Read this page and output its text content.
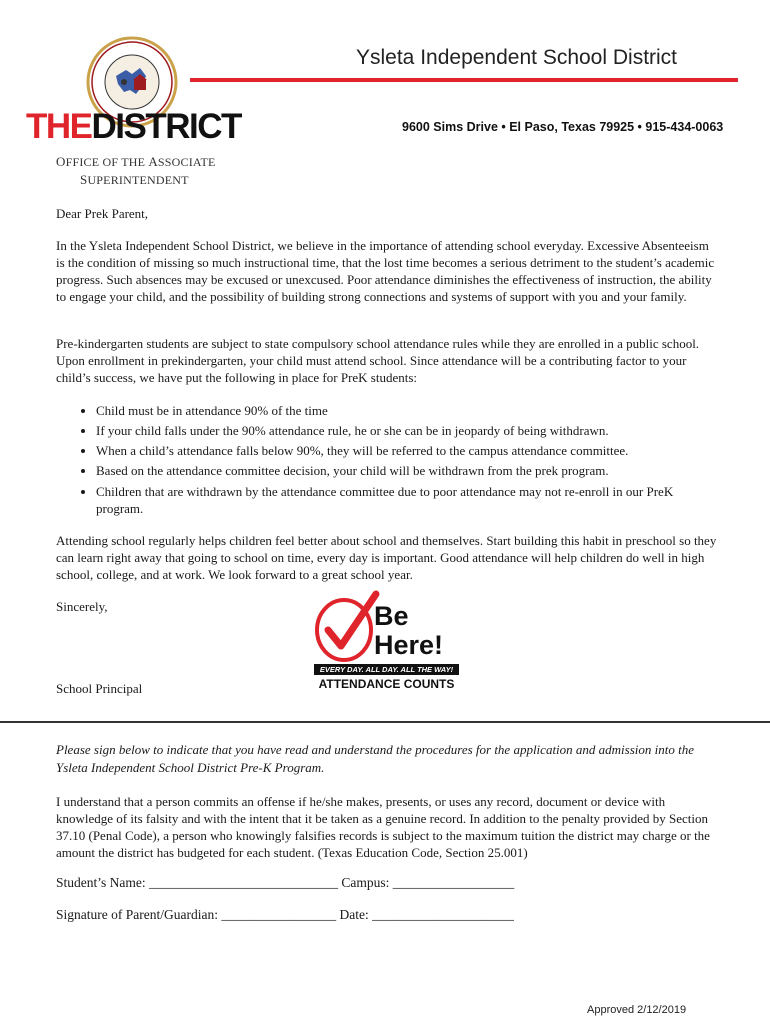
Ysleta Independent School District
THEDISTRICT	9600 Sims Drive • El Paso, Texas 79925 • 915-434-0063
OFFICE OF THE ASSOCIATE
SUPERINTENDENT
Dear Prek Parent,
In the Ysleta Independent School District, we believe in the importance of attending school everyday. Excessive Absenteeism is the condition of missing so much instructional time, that the lost time becomes a serious detriment to the student’s academic progress. Such absences may be excused or unexcused. Poor attendance diminishes the effectiveness of instruction, the ability to engage your child, and the possibility of building strong connections and systems of support with you and your family.
Pre-kindergarten students are subject to state compulsory school attendance rules while they are enrolled in a public school. Upon enrollment in prekindergarten, your child must attend school. Since attendance will be a contributing factor to your child’s success, we have put the following in place for PreK students:
• Child must be in attendance 90% of the time
• If your child falls under the 90% attendance rule, he or she can be in jeopardy of being withdrawn.
• When a child’s attendance falls below 90%, they will be referred to the campus attendance committee.
• Based on the attendance committee decision, your child will be withdrawn from the prek program.
• Children that are withdrawn by the attendance committee due to poor attendance may not re-enroll in our PreK program.
Attending school regularly helps children feel better about school and themselves. Start building this habit in preschool so they can learn right away that going to school on time, every day is important. Good attendance will help children do well in high school, college, and at work. We look forward to a great school year.
Sincerely,
School Principal
Be
Here!
EVERY DAY. ALL DAY. ALL THE WAY!
ATTENDANCE COUNTS
Please sign below to indicate that you have read and understand the procedures for the application and admission into the Ysleta Independent School District Pre-K Program.
I understand that a person commits an offense if he/she makes, presents, or uses any record, document or device with knowledge of its falsity and with the intent that it be taken as a genuine record. In addition to the penalty provided by Section 37.10 (Penal Code), a person who knowingly falsifies records is subject to the maximum tuition the district may charge or the amount the district has budgeted for each student. (Texas Education Code, Section 25.001)
Student’s Name: ____________________________ Campus: __________________
Signature of Parent/Guardian: _________________ Date: _____________________
Approved 2/12/2019
